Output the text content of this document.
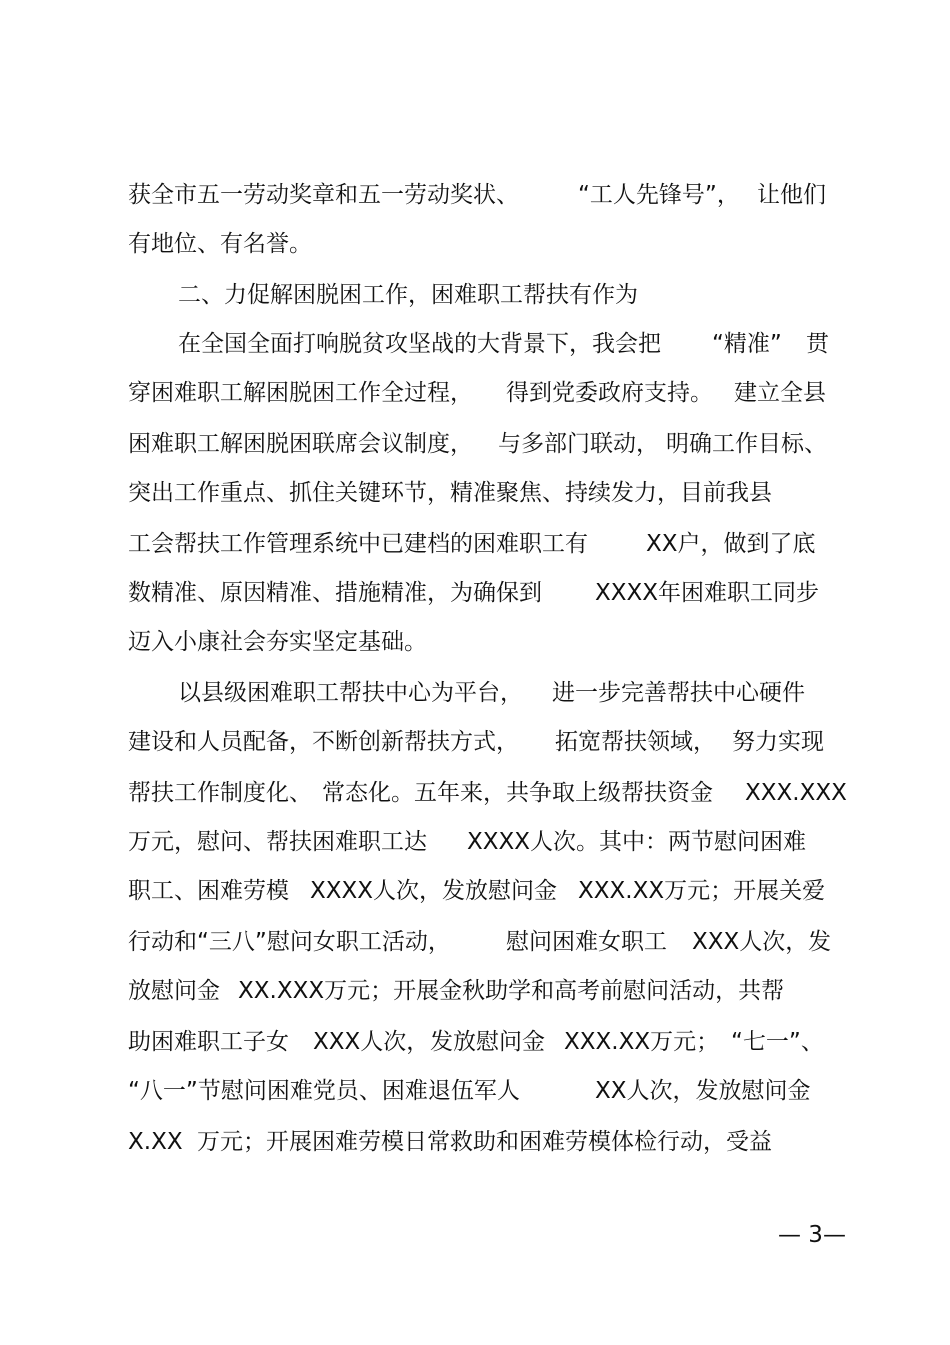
获全市五一劳动奖章和五一劳动奖状、

	“工人先锋号”，

让他们

有地位、有名誉。

二、力促解困脱困工作，困难职工帮扶有作为

在全国全面打响脱贫攻坚战的大背景下，我会把

“精准”

贯

穿困难职工解困脱困工作全过程，

得到党委政府支持。

建立全县

困难职工解困脱困联席会议制度，

与多部门联动，

明确工作目标、

突出工作重点、抓住关键环节，精准聚焦、持续发力，目前我县

工会帮扶工作管理系统中已建档的困难职工有

	XX户，做到了底

数精准、原因精准、措施精准，为确保到

XXXX年困难职工同步

迈入小康社会夯实坚定基础。

以县级困难职工帮扶中心为平台，

进一步完善帮扶中心硬件

建设和人员配备，不断创新帮扶方式，

拓宽帮扶领域，

努力实现

帮扶工作制度化、

常态化。五年来，共争取上级帮扶资金

XXX.XXX

万元，慰问、帮扶困难职工达

XXXX人次。其中：两节慰问困难

职工、困难劳模

XXXX人次，发放慰问金

XXX.XX万元；开展关爱

行动和“三八”慰问女职工活动，

慰问困难女职工

XXX人次，

发

放慰问金

XX.XXX万元；开展金秋助学和高考前慰问活动，共帮

助困难职工子女

XXX人次，

发放慰问金

XXX.XX万元；

“七一”、

“八一”节慰问困难党员、困难退伍军人

	XX人次，发放慰问金

X.XX

万元；开展困难劳模日常救助和困难劳模体检行动，受益

— 3—
